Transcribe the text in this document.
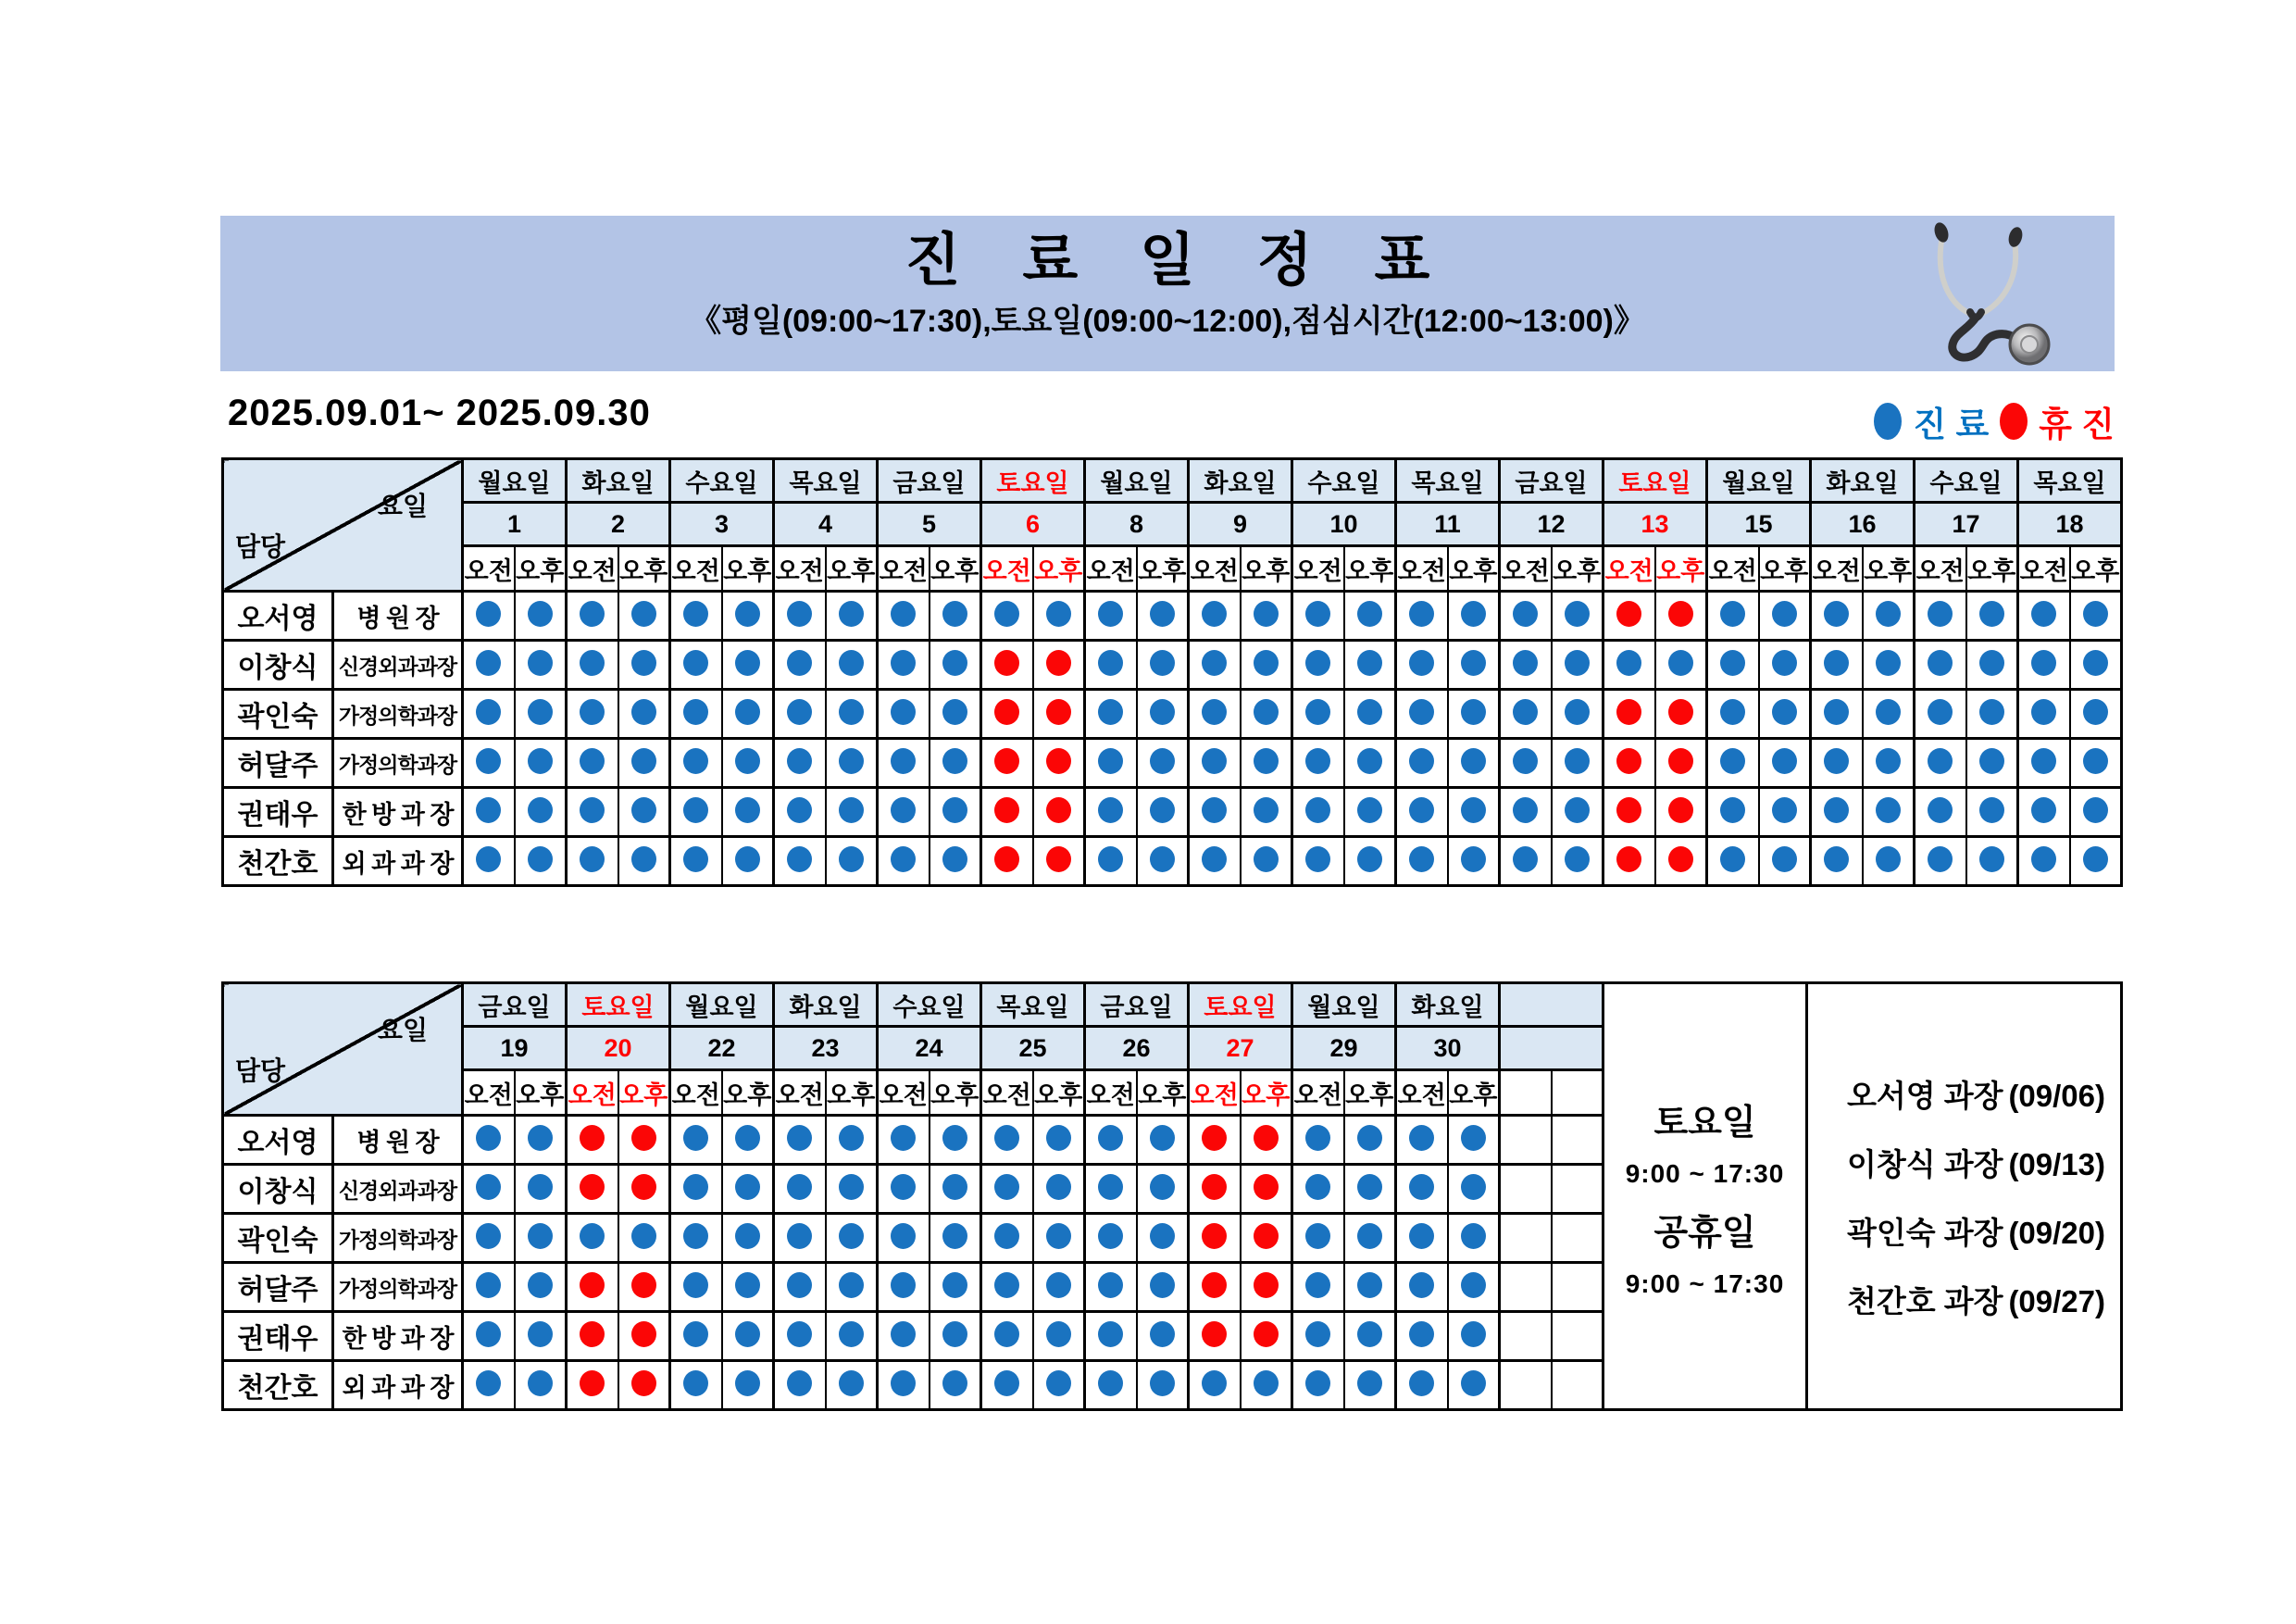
진 료 일 정 표
《평일(09:00~17:30),토요일(09:00~12:00),점심시간(12:00~13:00)》
2025.09.01~ 2025.09.30	진 료 휴 진
요일
담당		월요일		화요일		수요일		목요일		금요일		토요일		월요일		화요일		수요일		목요일		금요일		토요일		월요일		화요일		수요일		목요일	
		1		2		3		4		5		6		8		9		10		11		12		13		15		16		17		18	
		오전	오후	오전	오후	오전	오후	오전	오후	오전	오후	오전	오후	오전	오후	오전	오후	오전	오후	오전	오후	오전	오후	오전	오후	오전	오후	오전	오후	오전	오후	오전	오후
오서영	병 원 장																																
이창식	신경외과과장																																
곽인숙	가정의학과장																																
허달주	가정의학과장																																
권태우	한 방 과 장																																
천간호	외 과 과 장																																
요일
담당		금요일		토요일		월요일		화요일		수요일		목요일		금요일		토요일		월요일		화요일			
		19		20		22		23		24		25		26		27		29		30			
		오전	오후	오전	오후	오전	오후	오전	오후	오전	오후	오전	오후	오전	오후	오전	오후	오전	오후	오전	오후		
오서영	병 원 장																						
이창식	신경외과과장																						
곽인숙	가정의학과장																						
허달주	가정의학과장																						
권태우	한 방 과 장																						
천간호	외 과 과 장																						
토요일
9:00 ~ 17:30
공휴일
9:00 ~ 17:30
오서영 과장 (09/06)
이창식 과장 (09/13)
곽인숙 과장 (09/20)
천간호 과장 (09/27)
